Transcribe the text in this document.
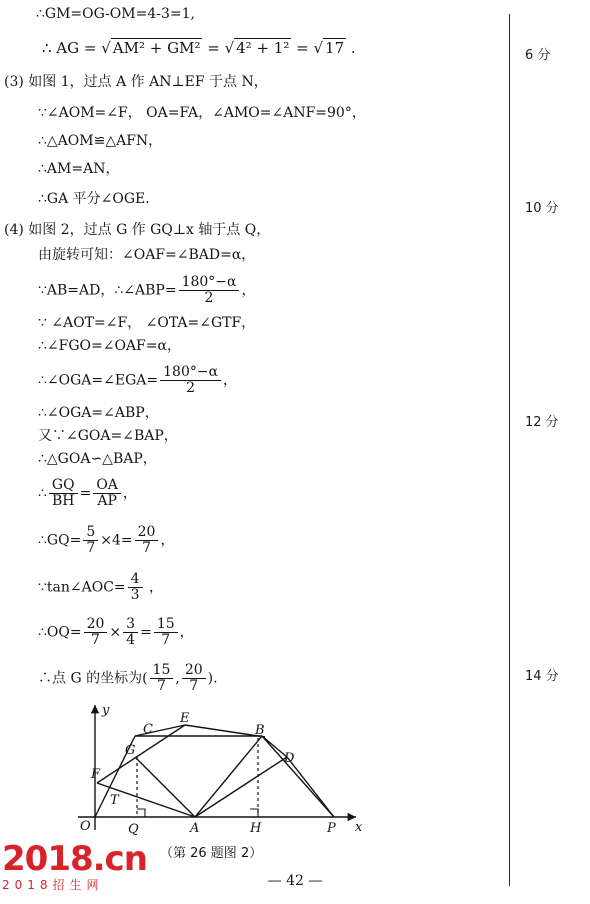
∴GM=OG-OM=4-3=1,
∴ AG = √ AM² + GM² = √ 4² + 1² = √ 17 .	6 分
(3) 如图 1，过点 A 作 AN⊥EF 于点 N，
∵∠AOM=∠F， OA=FA，∠AMO=∠ANF=90°，
∴△AOM≌△AFN，
∴AM=AN，
∴GA 平分∠OGE.
10 分
(4) 如图 2，过点 G 作 GQ⊥x 轴于点 Q，
由旋转可知：∠OAF=∠BAD=α，
∵AB=AD，∴∠ABP= $\frac{180^\circ-\alpha}{2}$ ，
∵ ∠AOT=∠F， ∠OTA=∠GTF，
∴∠FGO=∠OAF=α，
∴∠OGA=∠EGA= $\frac{180^\circ-\alpha}{2}$ ，
∴∠OGA=∠ABP，
又∵∠GOA=∠BAP，
∴△GOA∽△BAP，
12 分
∴ $\frac{GQ}{BH} = \frac{OA}{AP}$ ，
∴GQ= $\frac{5}{7} \times 4= \frac{20}{7}$ ，
∵tan∠AOC= $\frac{4}{3}$ ，
∴OQ= $\frac{20}{7} \times \frac{3}{4} = \frac{15}{7}$ ，
∴点 G 的坐标为( $\frac{15}{7}$ , $\frac{20}{7}$ ).	14 分
y
x
O	Q	A	H	P
F
T
G
C
E
B
D
（第 26 题图 2）
— 42 —
2018.cn
2018招生网
